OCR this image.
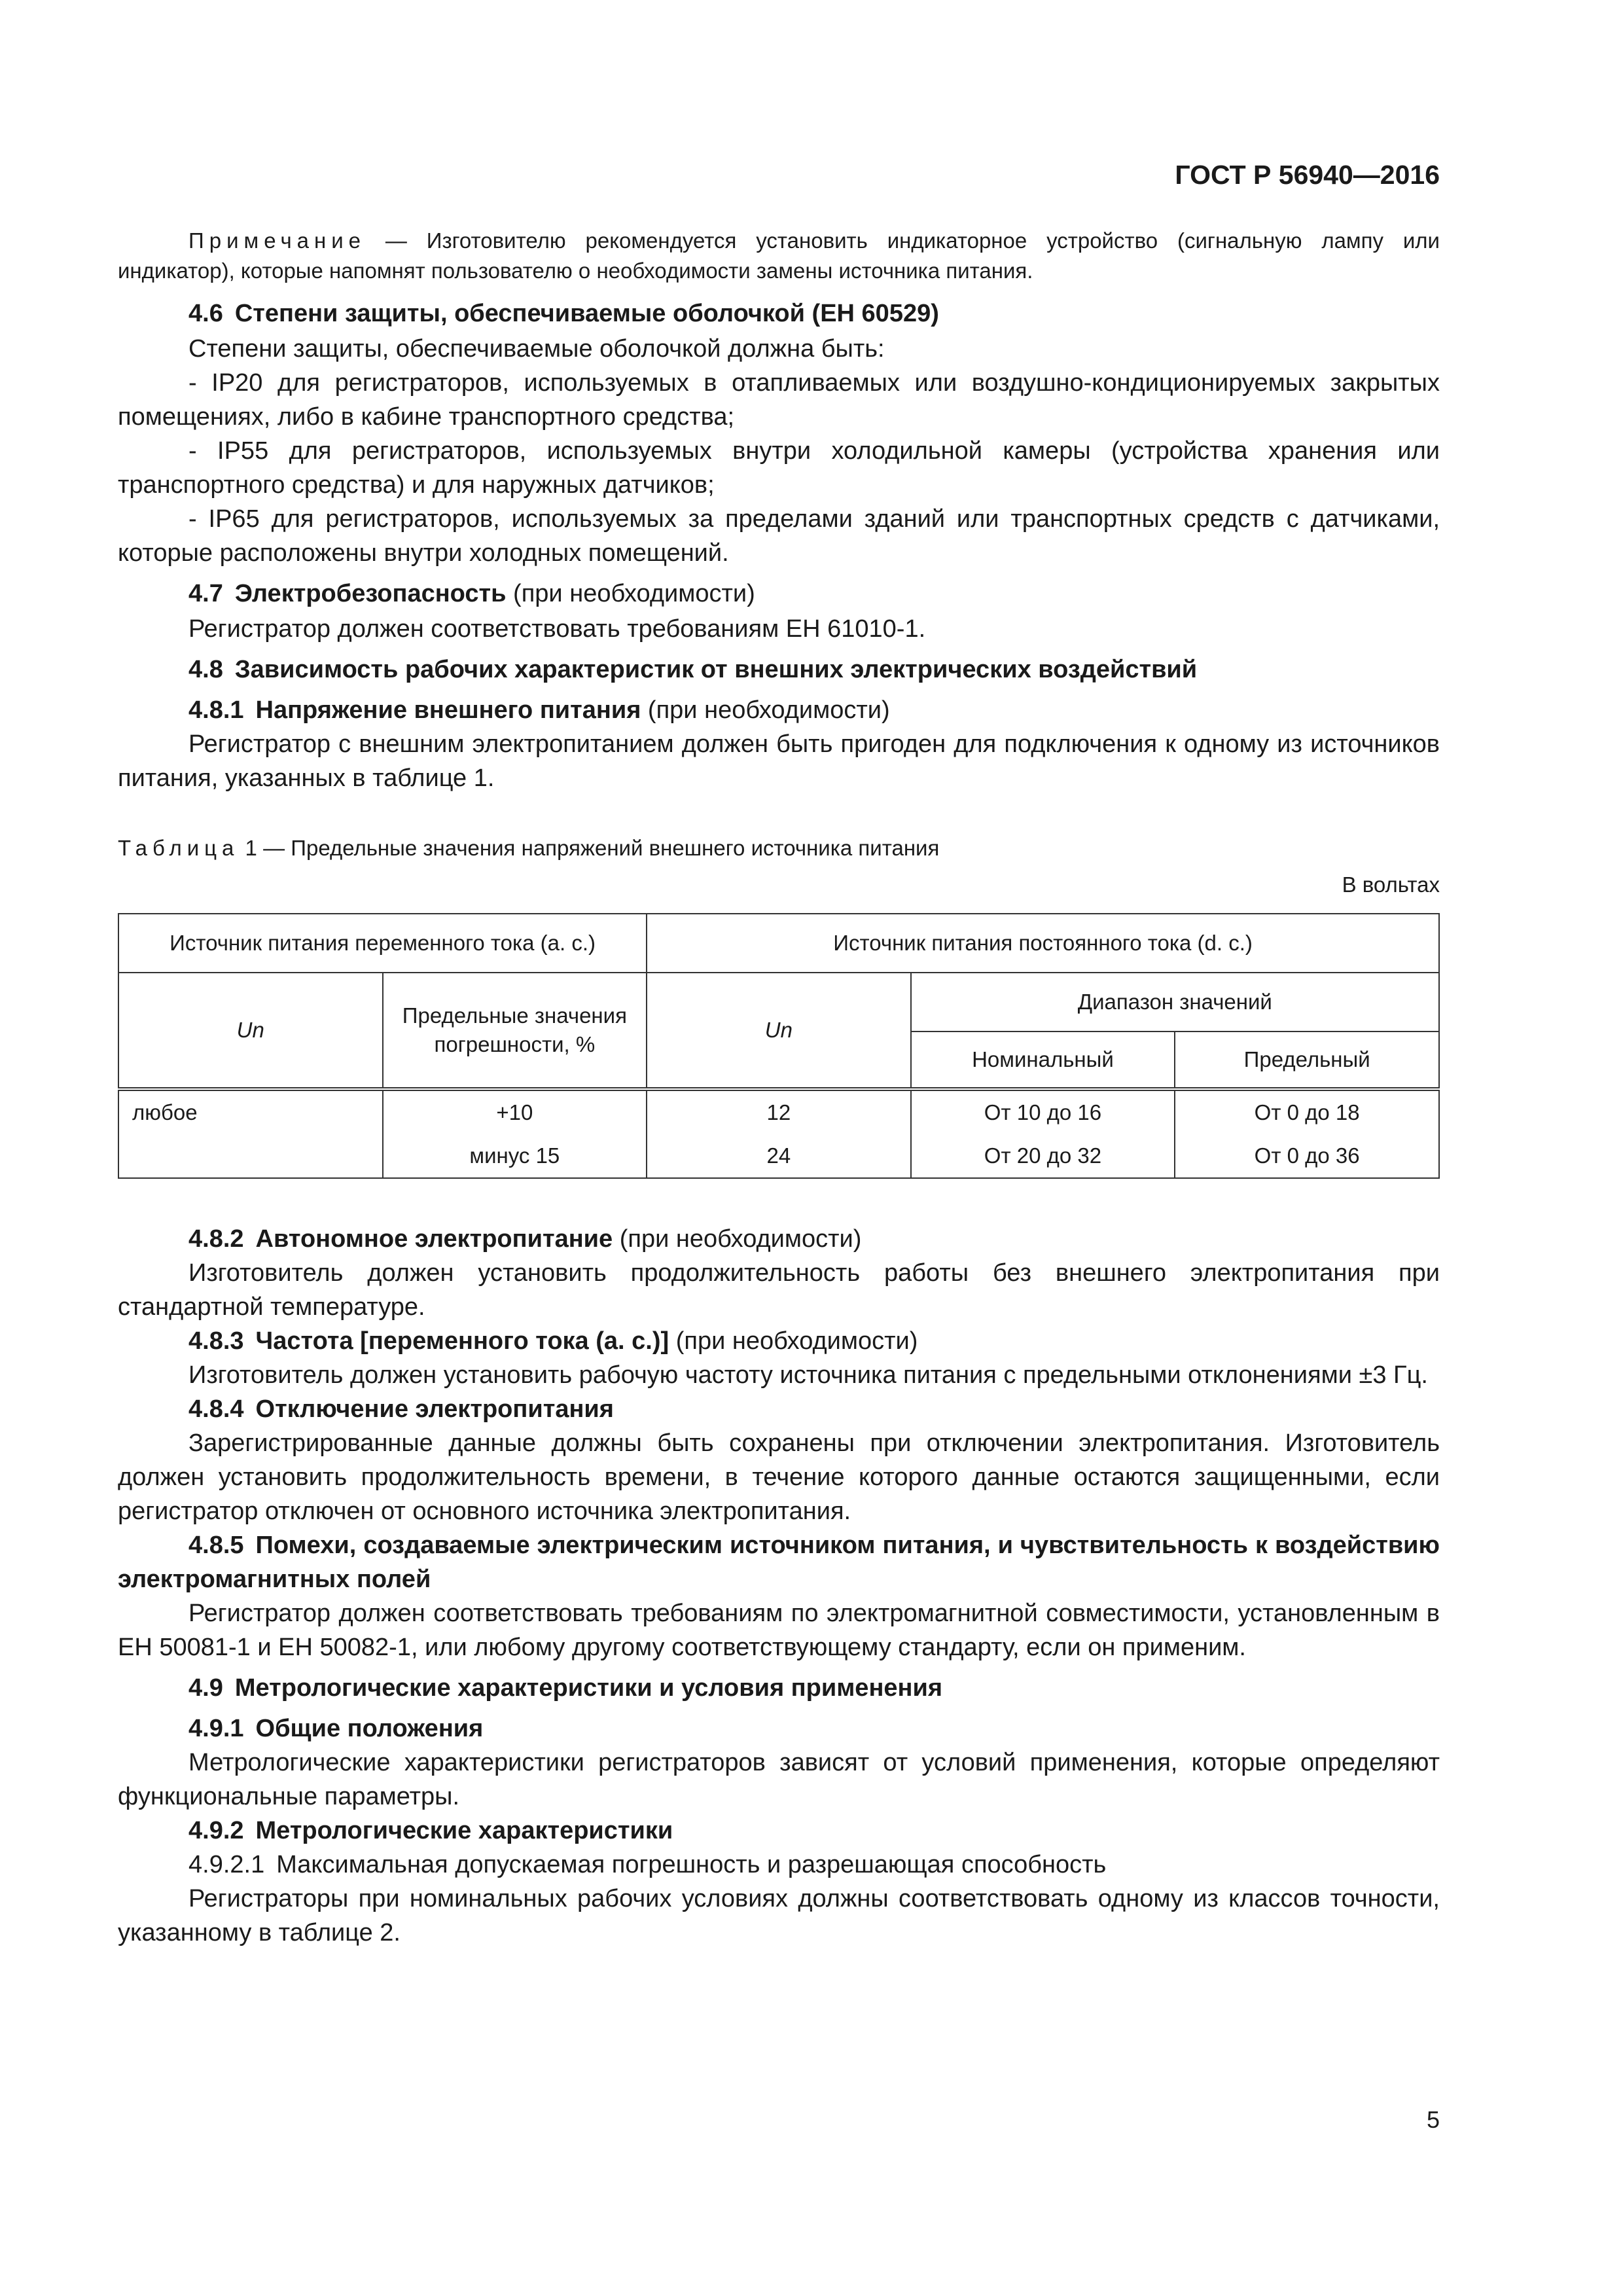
ГОСТ Р 56940—2016

Примечание — Изготовителю рекомендуется установить индикаторное устройство (сигнальную лампу или индикатор), которые напомнят пользователю о необходимости замены источника питания.

4.6 Степени защиты, обеспечиваемые оболочкой (ЕН 60529)

Степени защиты, обеспечиваемые оболочкой должна быть:

- IP20 для регистраторов, используемых в отапливаемых или воздушно-кондиционируемых закрытых помещениях, либо в кабине транспортного средства;

- IP55 для регистраторов, используемых внутри холодильной камеры (устройства хранения или транспортного средства) и для наружных датчиков;

- IP65 для регистраторов, используемых за пределами зданий или транспортных средств с датчиками, которые расположены внутри холодных помещений.

4.7 Электробезопасность (при необходимости)

Регистратор должен соответствовать требованиям ЕН 61010-1.

4.8 Зависимость рабочих характеристик от внешних электрических воздействий

4.8.1 Напряжение внешнего питания (при необходимости)

Регистратор с внешним электропитанием должен быть пригоден для подключения к одному из источников питания, указанных в таблице 1.

Таблица 1 — Предельные значения напряжений внешнего источника питания

В вольтах

Источник питания переменного тока (a. c.)		Источник питания постоянного тока (d. c.)		
Un	Предельные значения погрешности, %	Un	Диапазон значений	
			Номинальный	Предельный
любое	+10	12	От 10 до 16	От 0 до 18
	минус 15	24	От 20 до 32	От 0 до 36

4.8.2 Автономное электропитание (при необходимости)

Изготовитель должен установить продолжительность работы без внешнего электропитания при стандартной температуре.

4.8.3 Частота [переменного тока (a. c.)] (при необходимости)

Изготовитель должен установить рабочую частоту источника питания с предельными отклонениями ±3 Гц.

4.8.4 Отключение электропитания

Зарегистрированные данные должны быть сохранены при отключении электропитания. Изготовитель должен установить продолжительность времени, в течение которого данные остаются защищенными, если регистратор отключен от основного источника электропитания.

4.8.5 Помехи, создаваемые электрическим источником питания, и чувствительность к воздействию электромагнитных полей

Регистратор должен соответствовать требованиям по электромагнитной совместимости, установленным в ЕН 50081-1 и ЕН 50082-1, или любому другому соответствующему стандарту, если он применим.

4.9 Метрологические характеристики и условия применения

4.9.1 Общие положения

Метрологические характеристики регистраторов зависят от условий применения, которые определяют функциональные параметры.

4.9.2 Метрологические характеристики

4.9.2.1 Максимальная допускаемая погрешность и разрешающая способность

Регистраторы при номинальных рабочих условиях должны соответствовать одному из классов точности, указанному в таблице 2.

5
